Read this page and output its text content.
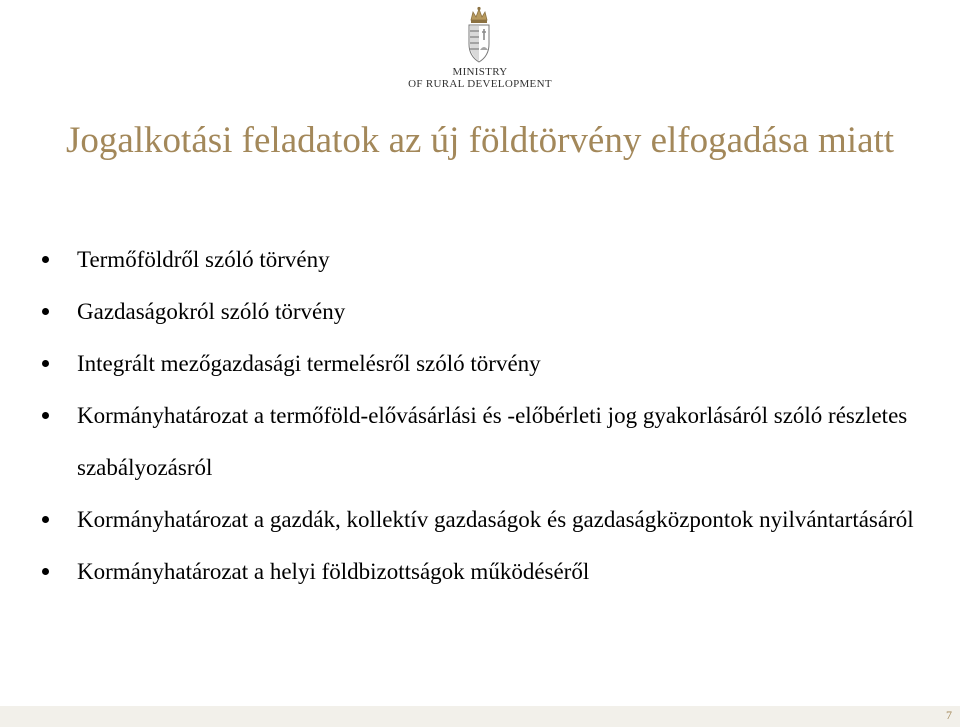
MINISTRY
OF RURAL DEVELOPMENT
Jogalkotási feladatok az új földtörvény elfogadása miatt
Termőföldről szóló törvény
Gazdaságokról szóló törvény
Integrált mezőgazdasági termelésről szóló törvény
Kormányhatározat a termőföld-elővásárlási és -előbérleti jog gyakorlásáról szóló részletes szabályozásról
Kormányhatározat a gazdák, kollektív gazdaságok és gazdaságközpontok nyilvántartásáról
Kormányhatározat a helyi földbizottságok működéséről
7
